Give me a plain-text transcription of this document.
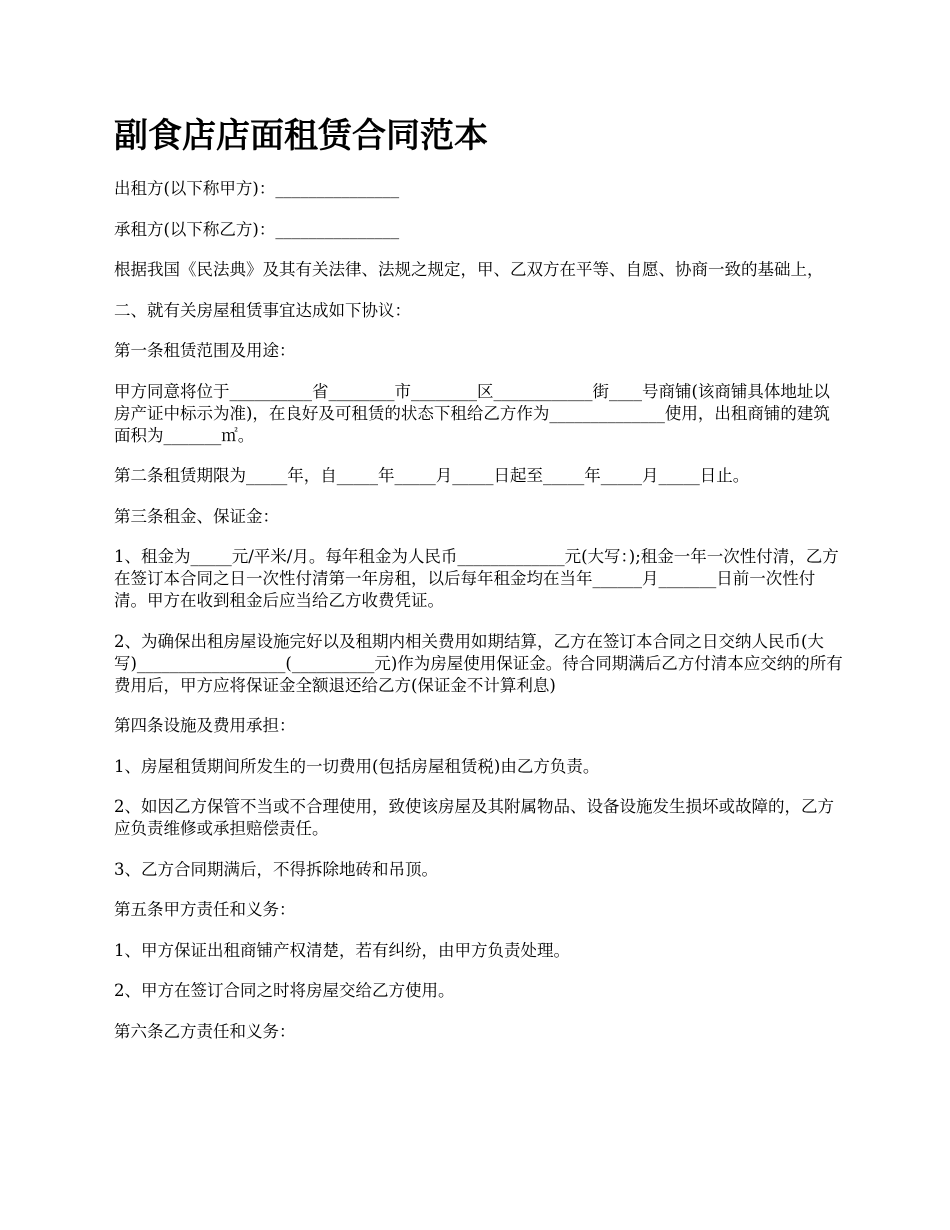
副食店店面租赁合同范本

出租方(以下称甲方)：_______________

承租方(以下称乙方)：_______________

根据我国《民法典》及其有关法律、法规之规定，甲、乙双方在平等、自愿、协商一致的基础上，

二、就有关房屋租赁事宜达成如下协议：

第一条租赁范围及用途：

甲方同意将位于__________省________市________区____________街____号商铺(该商铺具体地址以房产证中标示为准)，在良好及可租赁的状态下租给乙方作为______________使用，出租商铺的建筑面积为_______㎡。

第二条租赁期限为_____年，自_____年_____月_____日起至_____年_____月_____日止。

第三条租金、保证金：

1、租金为_____元/平米/月。每年租金为人民币_____________元(大写：);租金一年一次性付清，乙方在签订本合同之日一次性付清第一年房租，以后每年租金均在当年______月_______日前一次性付清。甲方在收到租金后应当给乙方收费凭证。

2、为确保出租房屋设施完好以及租期内相关费用如期结算，乙方在签订本合同之日交纳人民币(大写)__________________(__________元)作为房屋使用保证金。待合同期满后乙方付清本应交纳的所有费用后，甲方应将保证金全额退还给乙方(保证金不计算利息)

第四条设施及费用承担：

1、房屋租赁期间所发生的一切费用(包括房屋租赁税)由乙方负责。

2、如因乙方保管不当或不合理使用，致使该房屋及其附属物品、设备设施发生损坏或故障的，乙方应负责维修或承担赔偿责任。

3、乙方合同期满后，不得拆除地砖和吊顶。

第五条甲方责任和义务：

1、甲方保证出租商铺产权清楚，若有纠纷，由甲方负责处理。

2、甲方在签订合同之时将房屋交给乙方使用。

第六条乙方责任和义务：
